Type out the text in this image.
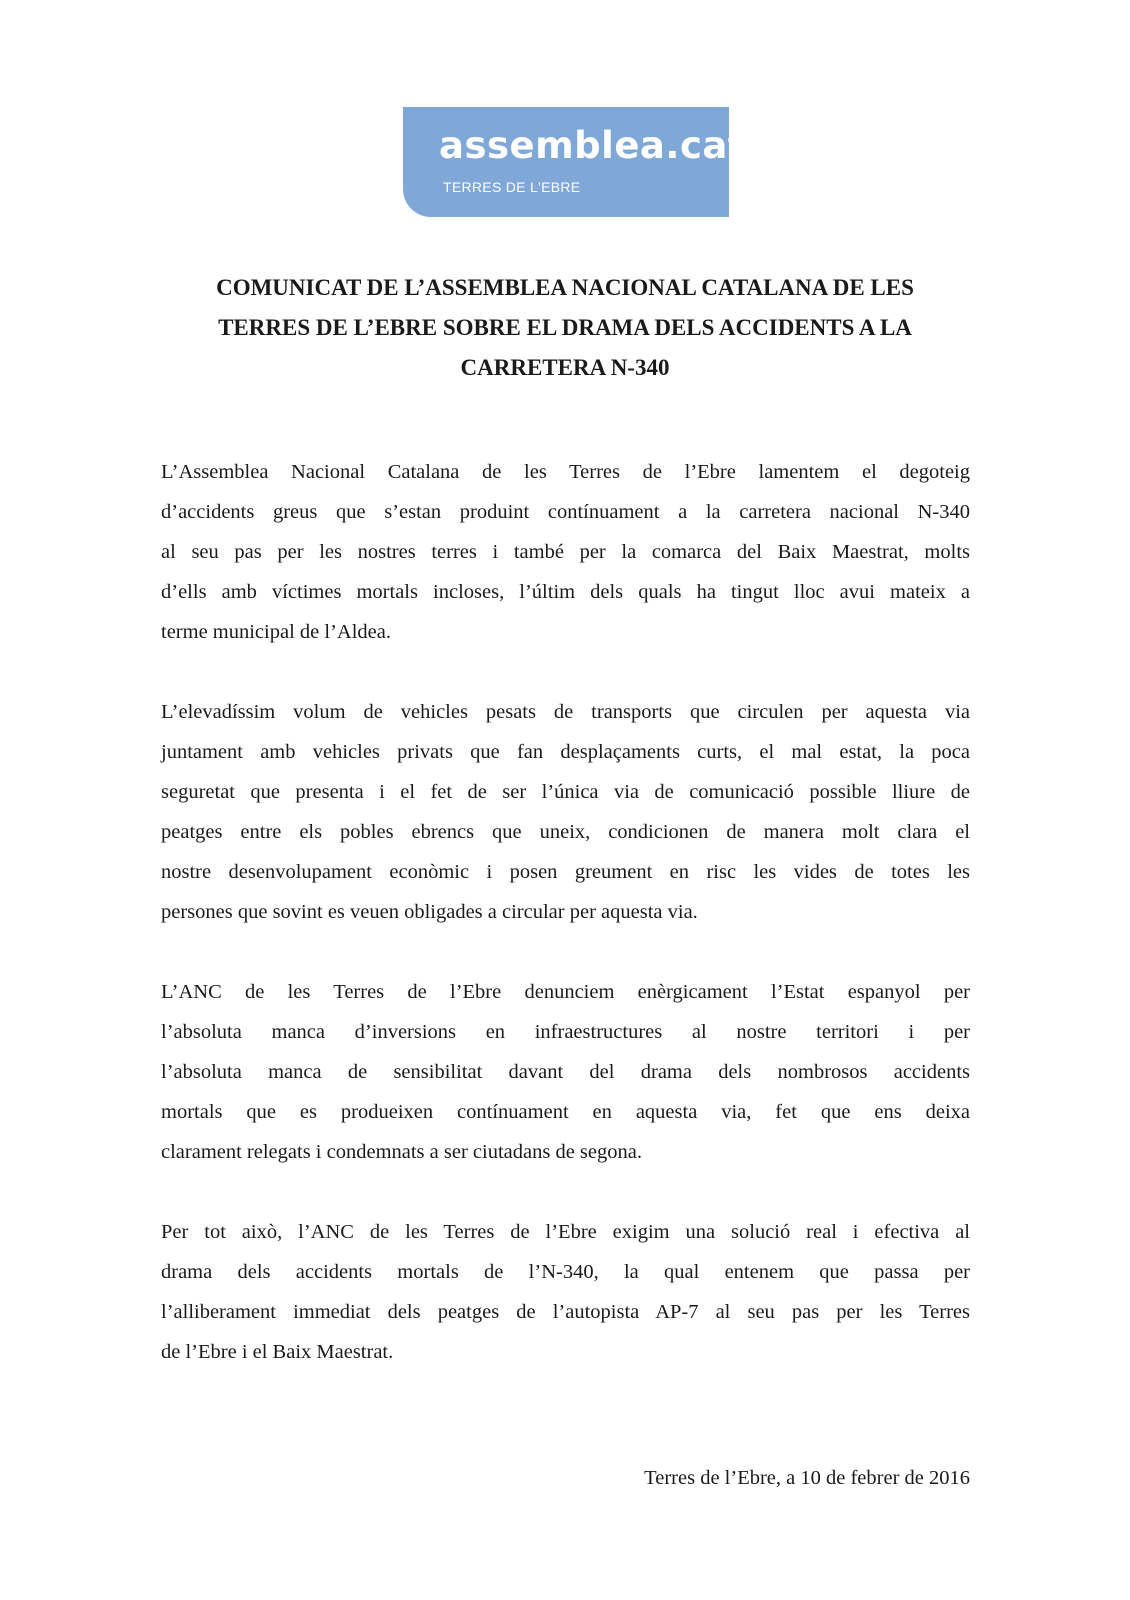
assemblea.cat
TERRES DE L'EBRE
COMUNICAT DE L’ASSEMBLEA NACIONAL CATALANA DE LES
TERRES DE L’EBRE SOBRE EL DRAMA DELS ACCIDENTS A LA
CARRETERA N-340

L’Assemblea Nacional Catalana de les Terres de l’Ebre lamentem el degoteig
d’accidents greus que s’estan produint contínuament a la carretera nacional N-340
al seu pas per les nostres terres i també per la comarca del Baix Maestrat, molts
d’ells amb víctimes mortals incloses, l’últim dels quals ha tingut lloc avui mateix a
terme municipal de l’Aldea.

L’elevadíssim volum de vehicles pesats de transports que circulen per aquesta via
juntament amb vehicles privats que fan desplaçaments curts, el mal estat, la poca
seguretat que presenta i el fet de ser l’única via de comunicació possible lliure de
peatges entre els pobles ebrencs que uneix, condicionen de manera molt clara el
nostre desenvolupament econòmic i posen greument en risc les vides de totes les
persones que sovint es veuen obligades a circular per aquesta via.

L’ANC de les Terres de l’Ebre denunciem enèrgicament l’Estat espanyol per
l’absoluta manca d’inversions en infraestructures al nostre territori i per
l’absoluta manca de sensibilitat davant del drama dels nombrosos accidents
mortals que es produeixen contínuament en aquesta via, fet que ens deixa
clarament relegats i condemnats a ser ciutadans de segona.

Per tot això, l’ANC de les Terres de l’Ebre exigim una solució real i efectiva al
drama dels accidents mortals de l’N-340, la qual entenem que passa per
l’alliberament immediat dels peatges de l’autopista AP-7 al seu pas per les Terres
de l’Ebre i el Baix Maestrat.

Terres de l’Ebre, a 10 de febrer de 2016
